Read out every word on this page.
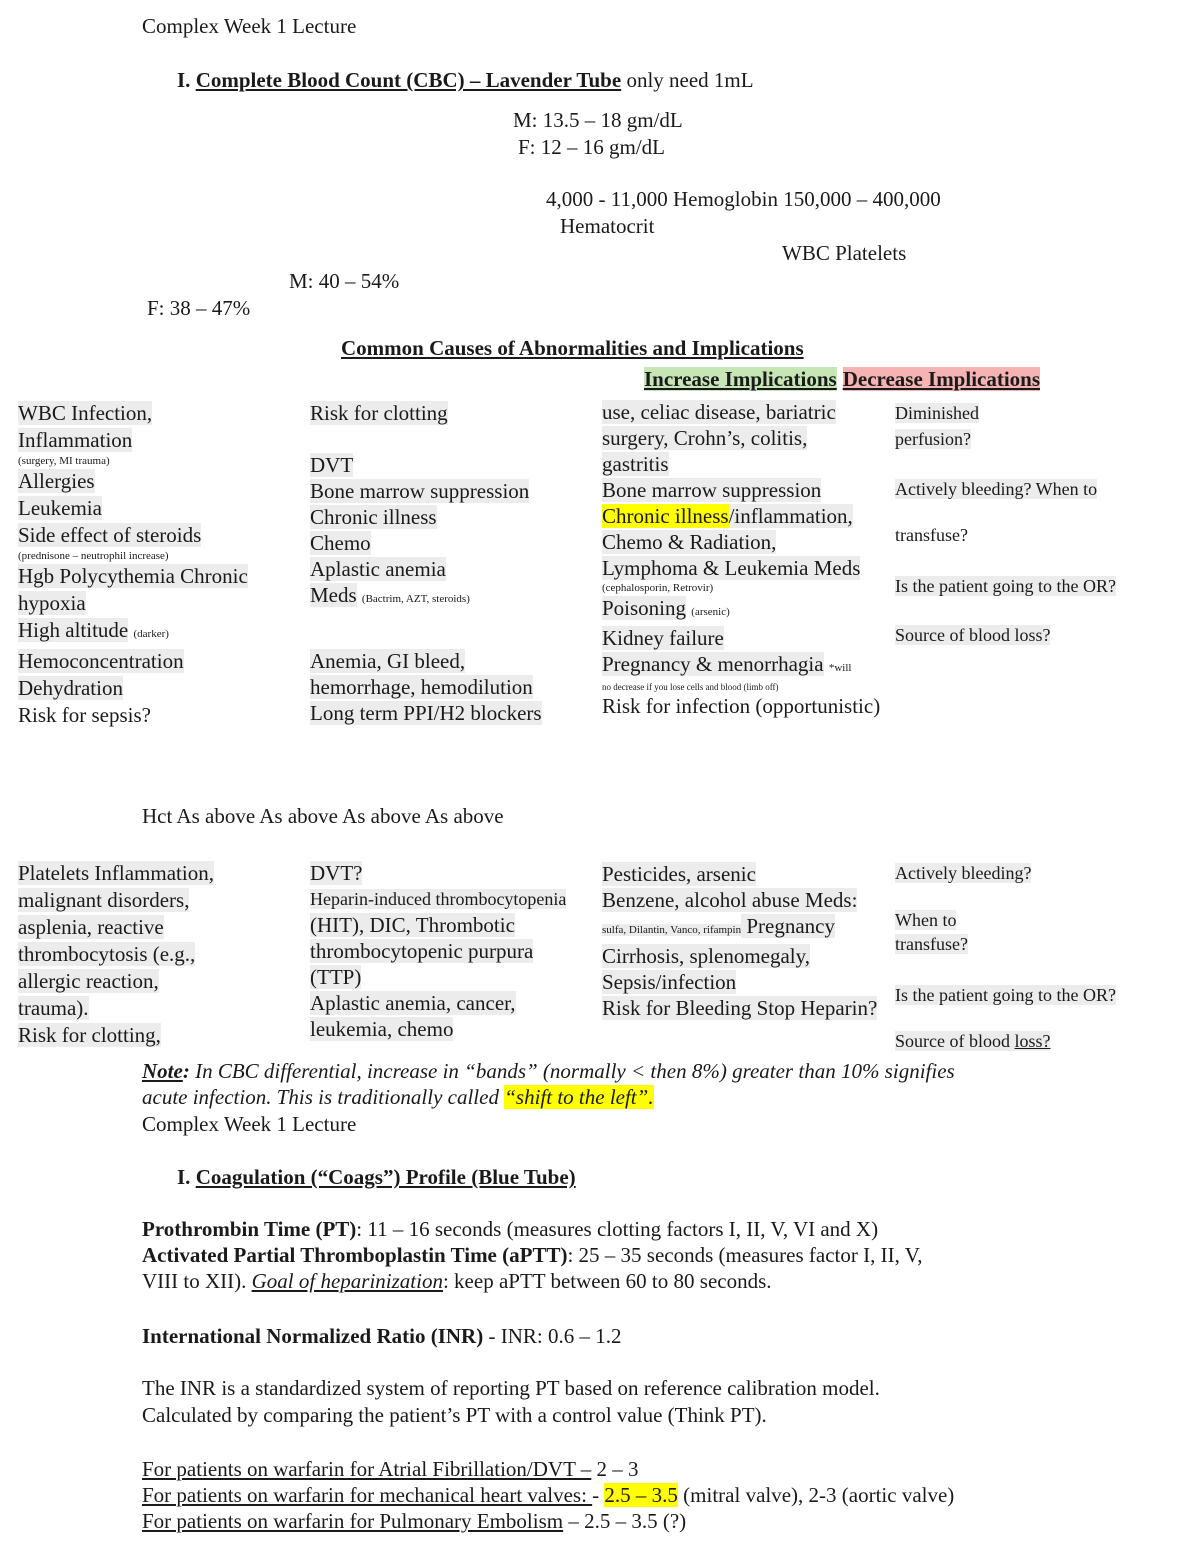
Complex Week 1 Lecture
I. Complete Blood Count (CBC) – Lavender Tube only need 1mL
M: 13.5 – 18 gm/dL
F: 12 – 16 gm/dL
4,000 - 11,000 Hemoglobin 150,000 – 400,000
Hematocrit
WBC Platelets
M: 40 – 54%
F: 38 – 47%
Common Causes of Abnormalities and Implications
Increase Implications Decrease Implications
WBC Infection,
Inflammation
(surgery, MI trauma)
Allergies
Leukemia
Side effect of steroids
(prednisone – neutrophil increase)
Hgb Polycythemia Chronic
hypoxia
High altitude (darker)
Hemoconcentration
Dehydration
Risk for sepsis?
Risk for clotting
DVT
Bone marrow suppression
Chronic illness
Chemo
Aplastic anemia
Meds (Bactrim, AZT, steroids)
Anemia, GI bleed,
hemorrhage, hemodilution
Long term PPI/H2 blockers
use, celiac disease, bariatric
surgery, Crohn’s, colitis,
gastritis
Bone marrow suppression
Chronic illness/inflammation,
Chemo & Radiation,
Lymphoma & Leukemia Meds
(cephalosporin, Retrovir)
Poisoning (arsenic)
Kidney failure
Pregnancy & menorrhagia *will
no decrease if you lose cells and blood (limb off)
Risk for infection (opportunistic)
Diminished
perfusion?
Actively bleeding? When to
transfuse?
Is the patient going to the OR?
Source of blood loss?
Hct As above As above As above As above
Platelets Inflammation,
malignant disorders,
asplenia, reactive
thrombocytosis (e.g.,
allergic reaction,
trauma).
Risk for clotting,
DVT?
Heparin-induced thrombocytopenia
(HIT), DIC, Thrombotic
thrombocytopenic purpura
(TTP)
Aplastic anemia, cancer,
leukemia, chemo
Pesticides, arsenic
Benzene, alcohol abuse Meds:
sulfa, Dilantin, Vanco, rifampin Pregnancy
Cirrhosis, splenomegaly,
Sepsis/infection
Risk for Bleeding Stop Heparin?
Actively bleeding?
When to
transfuse?
Is the patient going to the OR?
Source of blood loss?
Note: In CBC differential, increase in “bands” (normally < then 8%) greater than 10% signifies
acute infection. This is traditionally called “shift to the left”.
Complex Week 1 Lecture
I. Coagulation (“Coags”) Profile (Blue Tube)
Prothrombin Time (PT): 11 – 16 seconds (measures clotting factors I, II, V, VI and X)
Activated Partial Thromboplastin Time (aPTT): 25 – 35 seconds (measures factor I, II, V,
VIII to XII). Goal of heparinization: keep aPTT between 60 to 80 seconds.
International Normalized Ratio (INR) - INR: 0.6 – 1.2
The INR is a standardized system of reporting PT based on reference calibration model.
Calculated by comparing the patient’s PT with a control value (Think PT).
For patients on warfarin for Atrial Fibrillation/DVT – 2 – 3
For patients on warfarin for mechanical heart valves: - 2.5 – 3.5 (mitral valve), 2-3 (aortic valve)
For patients on warfarin for Pulmonary Embolism – 2.5 – 3.5 (?)
